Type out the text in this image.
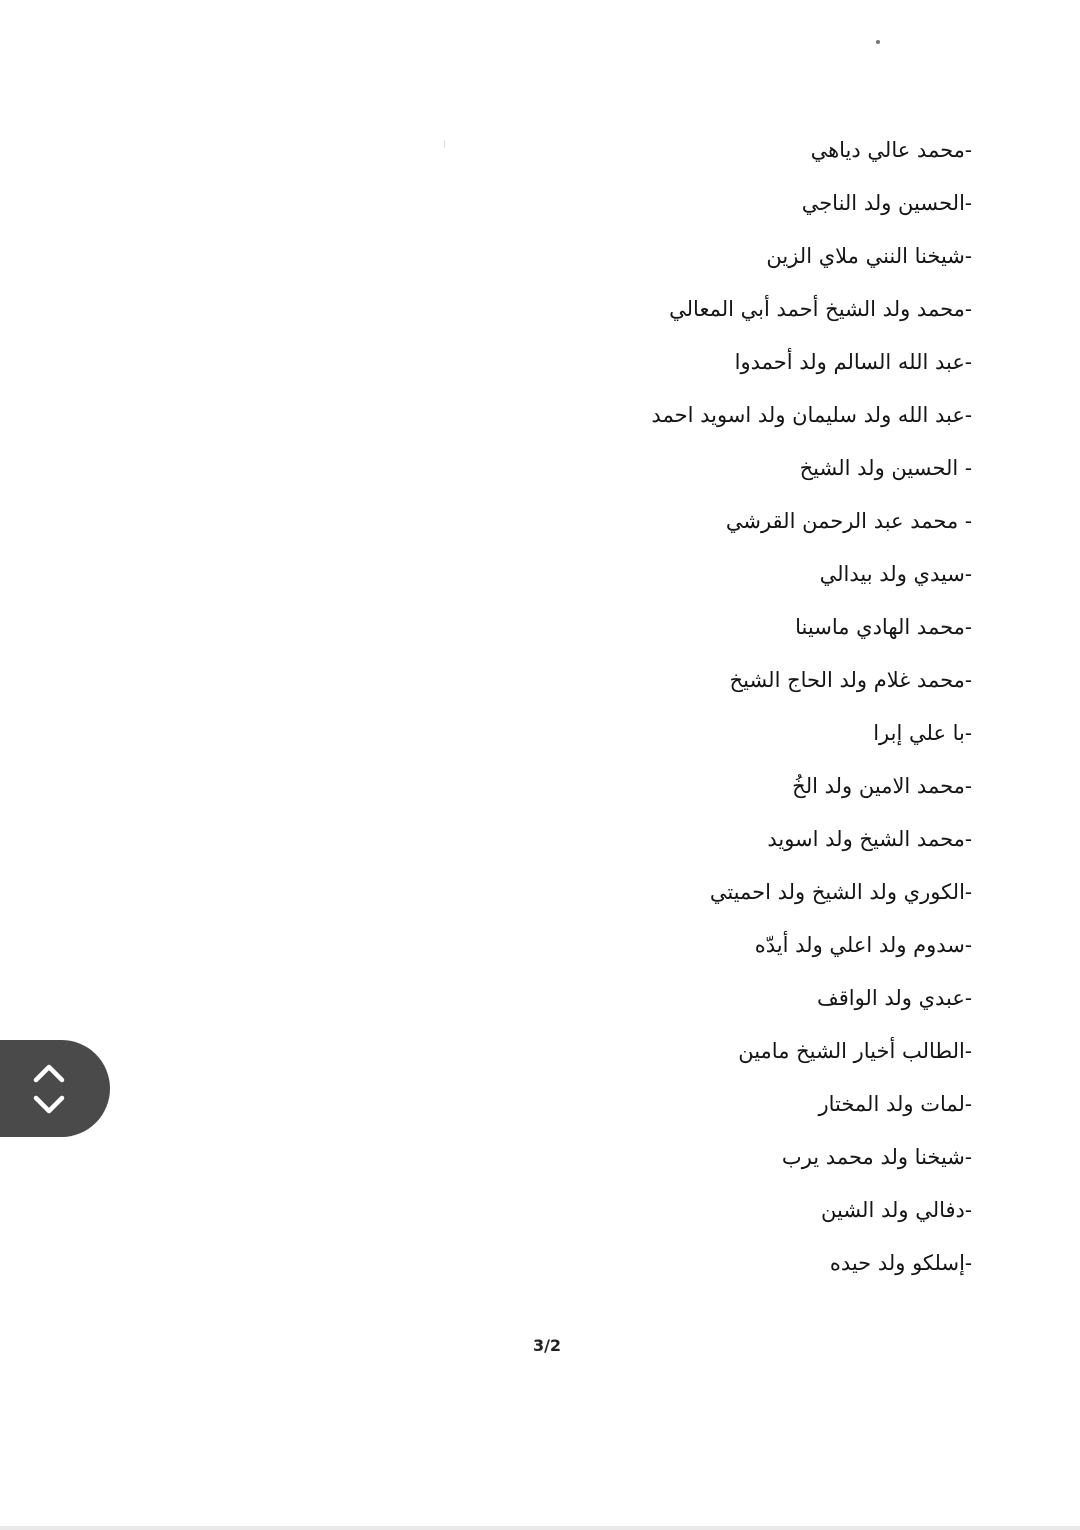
-محمد عالي دياهي
-الحسين ولد الناجي
-شيخنا النني ملاي الزين
-محمد ولد الشيخ أحمد أبي المعالي
-عبد الله السالم ولد أحمدوا
-عبد الله ولد سليمان ولد اسويد احمد
- الحسين ولد الشيخ
- محمد عبد الرحمن القرشي
-سيدي ولد بيدالي
-محمد الهادي ماسينا
-محمد غلام ولد الحاج الشيخ
-با علي إبرا
-محمد الامين ولد الخُ
-محمد الشيخ ولد اسويد
-الكوري ولد الشيخ ولد احميتي
-سدوم ولد اعلي ولد أيدّه
-عبدي ولد الواقف
-الطالب أخيار الشيخ مامين
-لمات ولد المختار
-شيخنا ولد محمد يرب
-دفالي ولد الشين
-إسلكو ولد حيده
3/2
